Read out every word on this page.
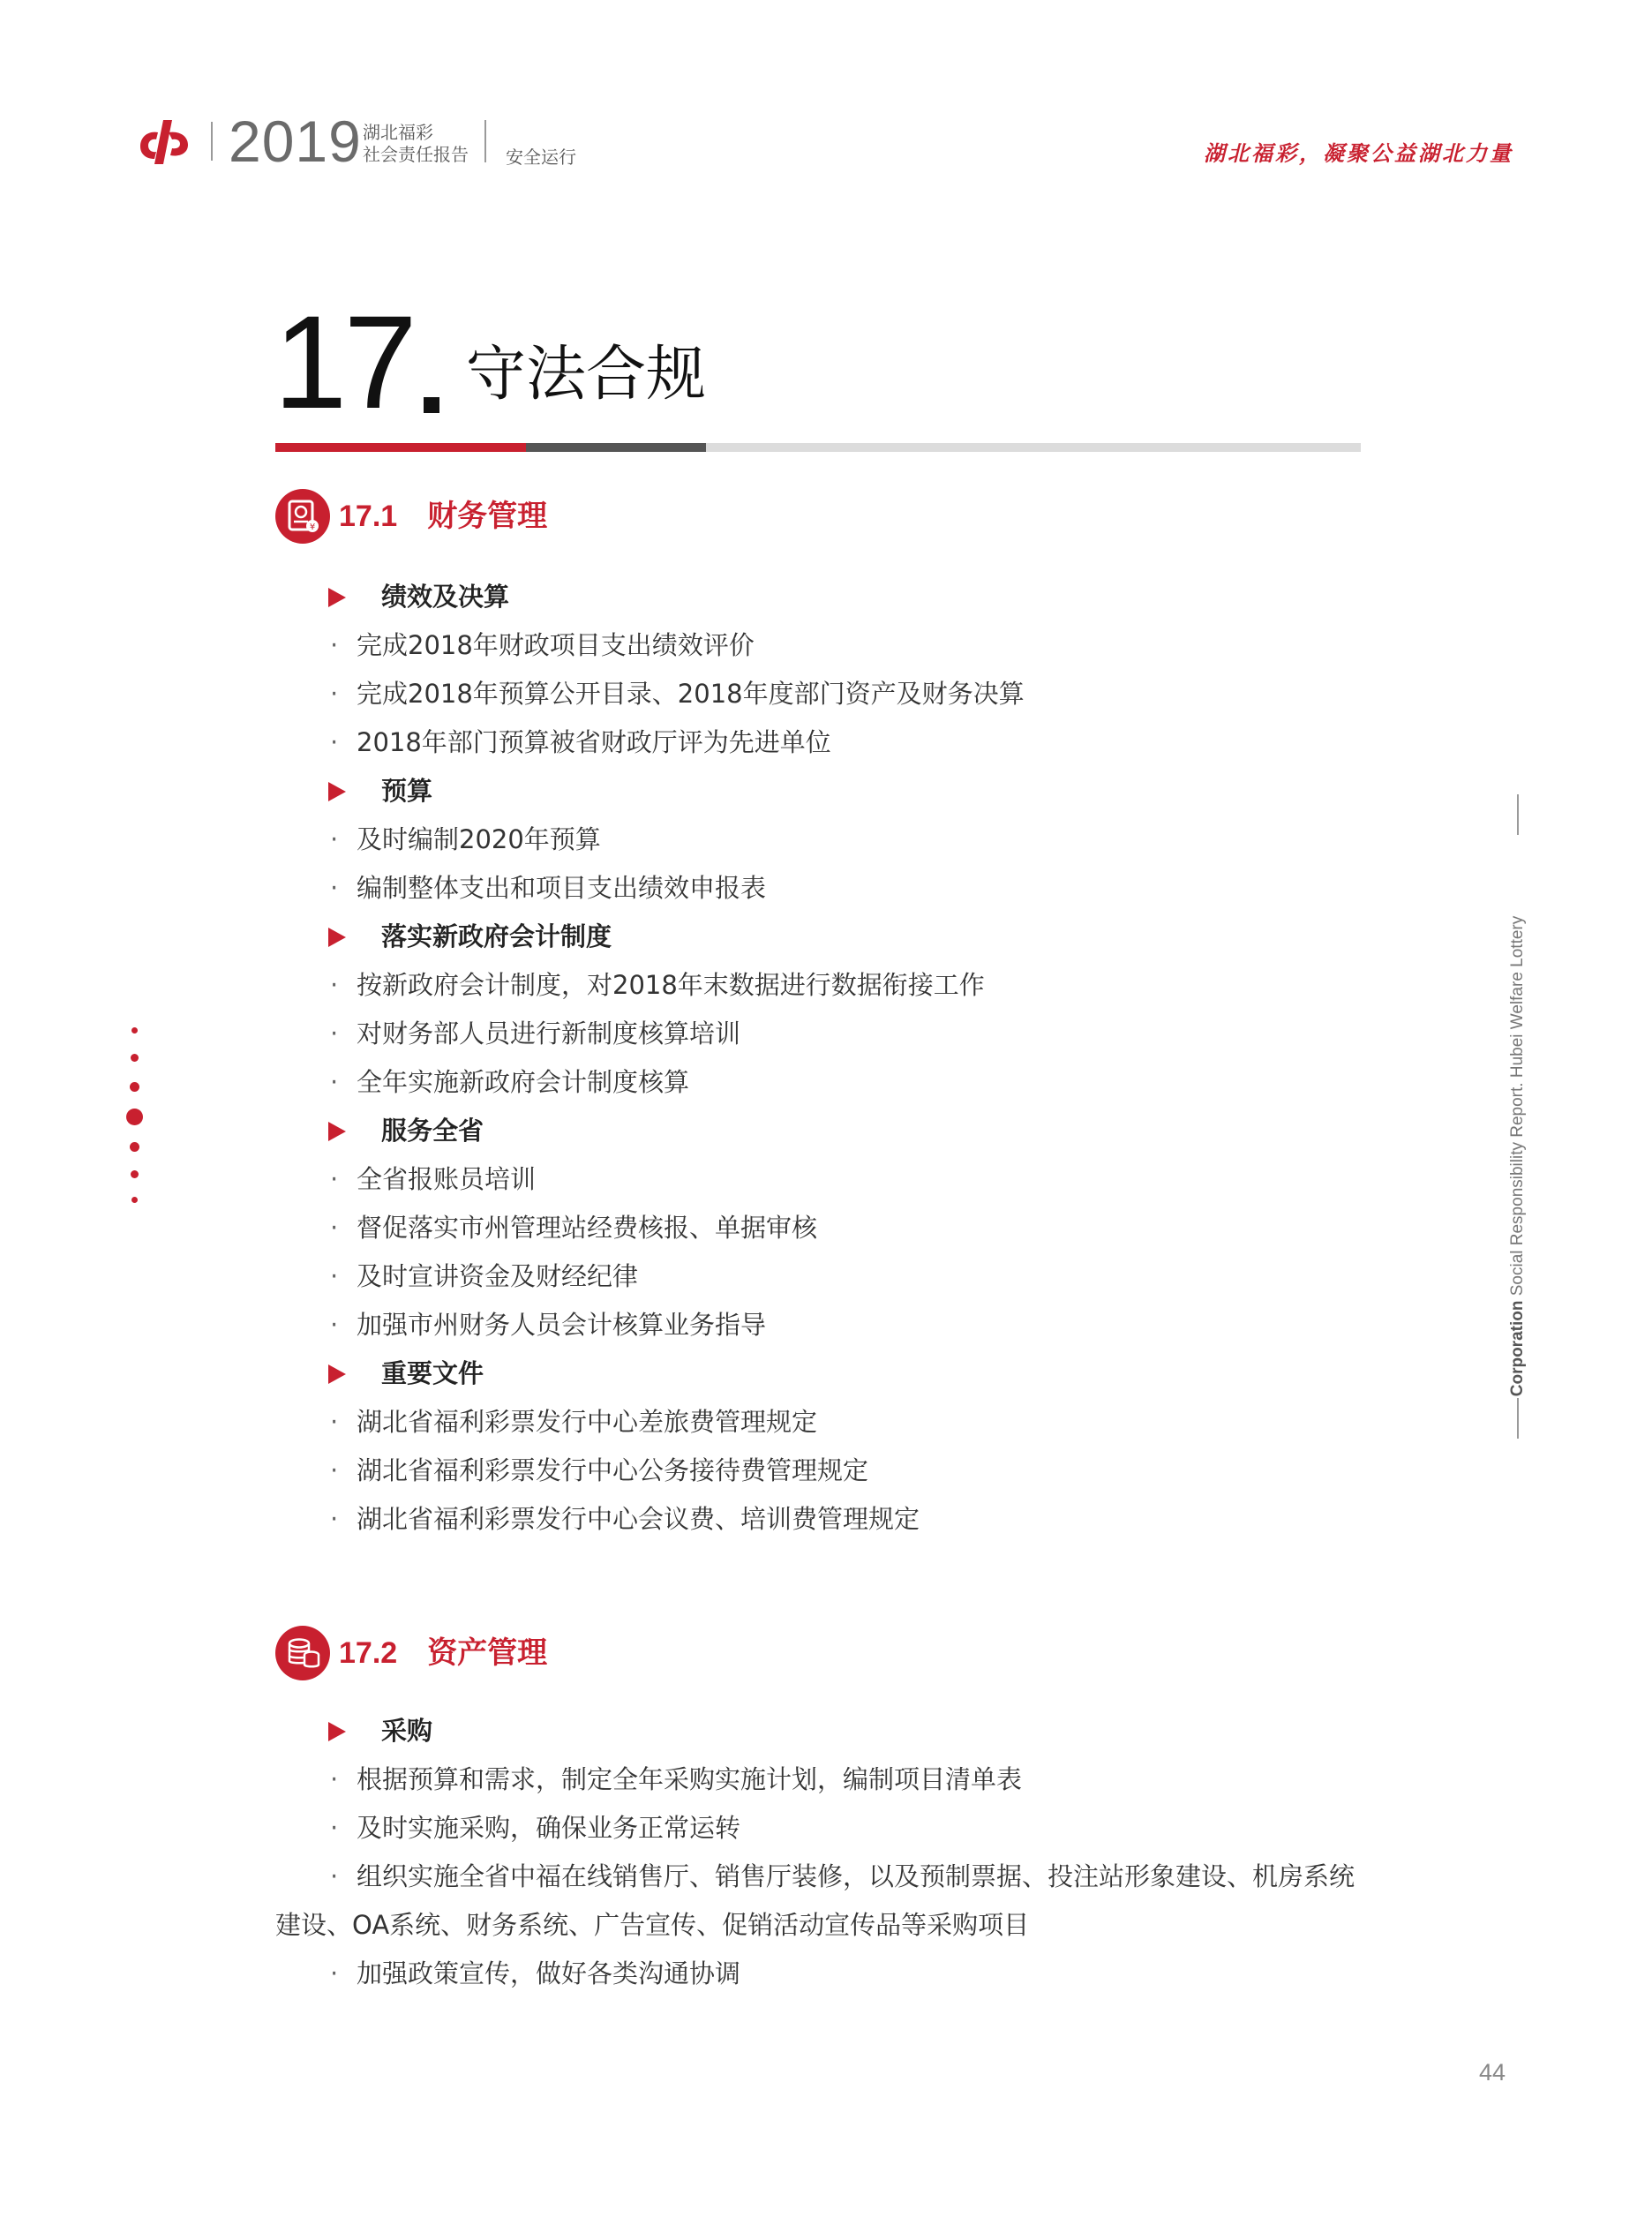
2019 湖北福彩
社会责任报告 安全运行	湖北福彩，凝聚公益湖北力量
17 守法合规
¥ 17.1 财务管理
绩效及决算
· 完成2018年财政项目支出绩效评价
· 完成2018年预算公开目录、2018年度部门资产及财务决算
· 2018年部门预算被省财政厅评为先进单位
预算
· 及时编制2020年预算
· 编制整体支出和项目支出绩效申报表
落实新政府会计制度
· 按新政府会计制度，对2018年末数据进行数据衔接工作
· 对财务部人员进行新制度核算培训
· 全年实施新政府会计制度核算
服务全省
· 全省报账员培训
· 督促落实市州管理站经费核报、单据审核
· 及时宣讲资金及财经纪律
· 加强市州财务人员会计核算业务指导
重要文件
· 湖北省福利彩票发行中心差旅费管理规定
· 湖北省福利彩票发行中心公务接待费管理规定
· 湖北省福利彩票发行中心会议费、培训费管理规定
17.2 资产管理
采购
· 根据预算和需求，制定全年采购实施计划，编制项目清单表
· 及时实施采购，确保业务正常运转
· 组织实施全省中福在线销售厅、销售厅装修，以及预制票据、投注站形象建设、机房系统建设、OA系统、财务系统、广告宣传、促销活动宣传品等采购项目
· 加强政策宣传，做好各类沟通协调
Corporation Social Responsibility Report. Hubei Welfare Lottery
44
